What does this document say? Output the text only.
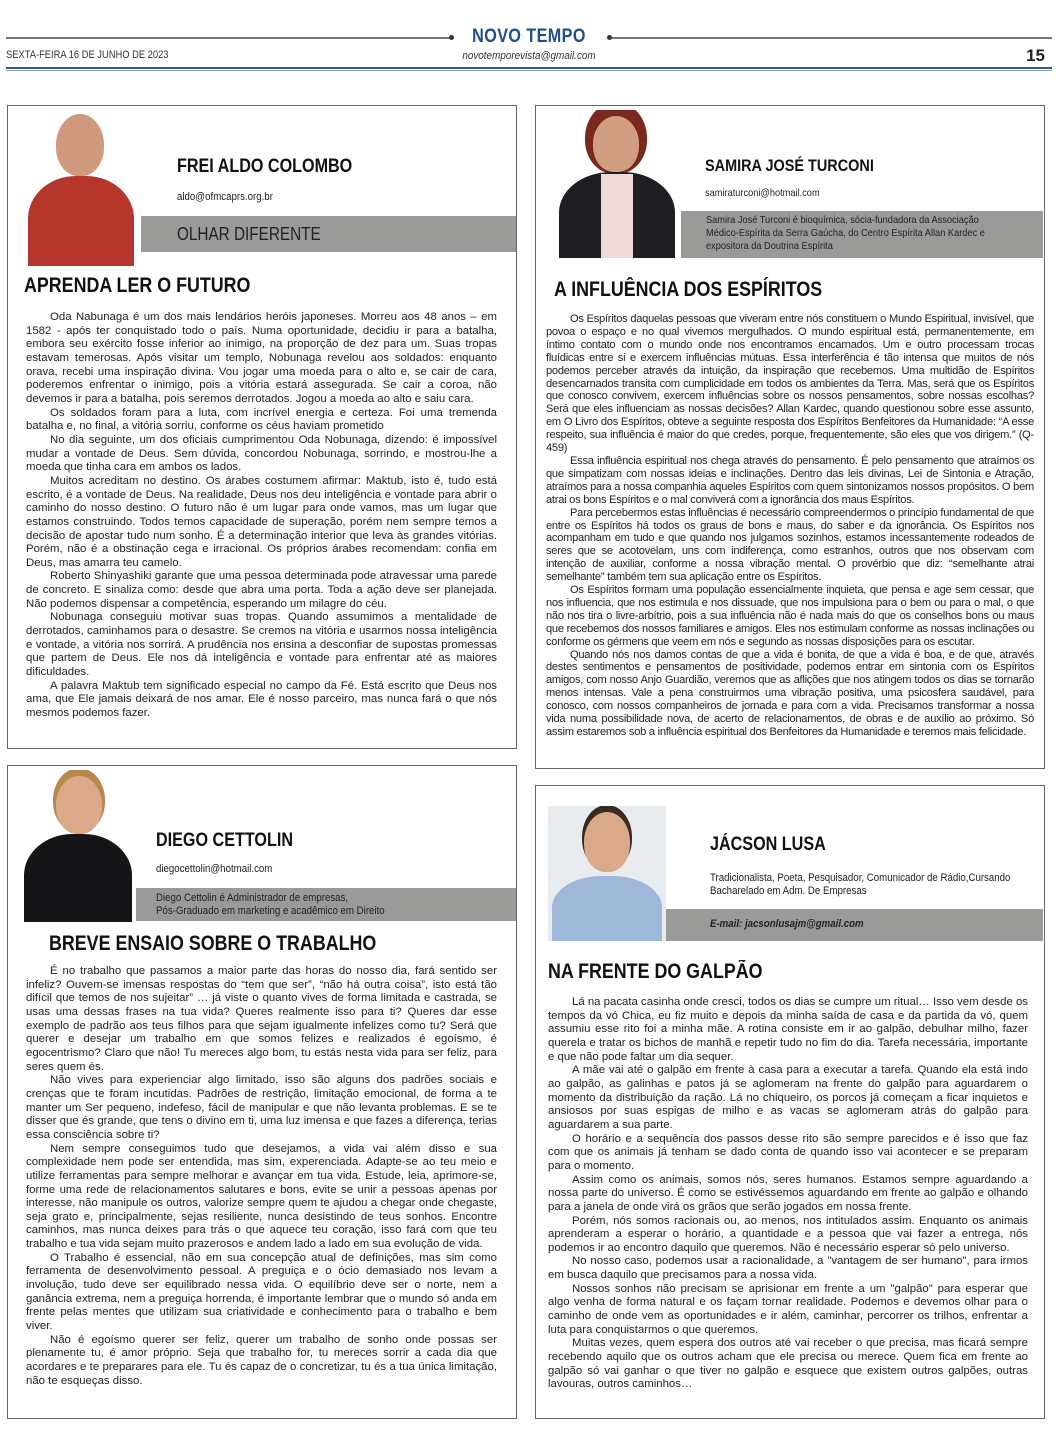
NOVO TEMPO
SEXTA-FEIRA 16 DE JUNHO DE 2023	novotemporevista@gmail.com	15
FREI ALDO COLOMBO
aldo@ofmcaprs.org.br
OLHAR DIFERENTE
APRENDA LER O FUTURO

Oda Nabunaga é um dos mais lendários heróis japoneses. Morreu aos 48 anos – em 1582 - após ter conquistado todo o país. Numa oportunidade, decidiu ir para a batalha, embora seu exército fosse inferior ao inimigo, na proporção de dez para um. Suas tropas estavam temerosas. Após visitar um templo, Nobunaga revelou aos soldados: enquanto orava, recebi uma inspiração divina. Vou jogar uma moeda para o alto e, se cair de cara, poderemos enfrentar o inimigo, pois a vitória estará assegurada. Se cair a coroa, não devemos ir para a batalha, pois seremos derrotados. Jogou a moeda ao alto e saiu cara.

Os soldados foram para a luta, com incrível energia e certeza. Foi uma tremenda batalha e, no final, a vitória sorriu, conforme os céus haviam prometido

No dia seguinte, um dos oficiais cumprimentou Oda Nobunaga, dizendo: é impossível mudar a vontade de Deus. Sem dúvida, concordou Nobunaga, sorrindo, e mostrou-lhe a moeda que tinha cara em ambos os lados.

Muitos acreditam no destino. Os árabes costumem afirmar: Maktub, isto é, tudo está escrito, é a vontade de Deus. Na realidade, Deus nos deu inteligência e vontade para abrir o caminho do nosso destino. O futuro não é um lugar para onde vamos, mas um lugar que estamos construindo. Todos temos capacidade de superação, porém nem sempre temos a decisão de apostar tudo num sonho. É a determinação interior que leva às grandes vitórias. Porém, não é a obstinação cega e irracional. Os próprios árabes recomendam: confia em Deus, mas amarra teu camelo.

Roberto Shinyashiki garante que uma pessoa determinada pode atravessar uma parede de concreto. E sinaliza como: desde que abra uma porta. Toda a ação deve ser planejada. Não podemos dispensar a competência, esperando um milagre do céu.

Nobunaga conseguiu motivar suas tropas. Quando assumimos a mentalidade de derrotados, caminhamos para o desastre. Se cremos na vitória e usarmos nossa inteligência e vontade, a vitória nos sorrirá. A prudência nos ensina a desconfiar de supostas promessas que partem de Deus. Ele nos dá inteligência e vontade para enfrentar até as maiores dificuldades.

A palavra Maktub tem significado especial no campo da Fé. Está escrito que Deus nos ama, que Ele jamais deixará de nos amar. Ele é nosso parceiro, mas nunca fará o que nós mesmos podemos fazer.

SAMIRA JOSÉ TURCONI
samiraturconi@hotmail.com
Samira José Turconi é bioquímica, sócia-fundadora da Associação
Médico-Espírita da Serra Gaúcha, do Centro Espírita Allan Kardec e
expositora da Doutrina Espírita
A INFLUÊNCIA DOS ESPÍRITOS

Os Espíritos daquelas pessoas que viveram entre nós constituem o Mundo Espiritual, invisível, que povoa o espaço e no qual vivemos mergulhados. O mundo espiritual está, permanentemente, em íntimo contato com o mundo onde nos encontramos encarnados. Um e outro processam trocas fluídicas entre si e exercem influências mútuas. Essa interferência é tão intensa que muitos de nós podemos perceber através da intuição, da inspiração que recebemos. Uma multidão de Espíritos desencarnados transita com cumplicidade em todos os ambientes da Terra. Mas, será que os Espíritos que conosco convivem, exercem influências sobre os nossos pensamentos, sobre nossas escolhas? Será que eles influenciam as nossas decisões? Allan Kardec, quando questionou sobre esse assunto, em O Livro dos Espíritos, obteve a seguinte resposta dos Espíritos Benfeitores da Humanidade: “A esse respeito, sua influência é maior do que credes, porque, frequentemente, são eles que vos dirigem.” (Q-459)

Essa influência espiritual nos chega através do pensamento. É pelo pensamento que atraímos os que simpatizam com nossas ideias e inclinações. Dentro das leis divinas, Lei de Sintonia e Atração, atraímos para a nossa companhia aqueles Espíritos com quem sintonizamos nossos propósitos. O bem atrai os bons Espíritos e o mal conviverá com a ignorância dos maus Espíritos.

Para percebermos estas influências é necessário compreendermos o princípio fundamental de que entre os Espíritos há todos os graus de bons e maus, do saber e da ignorância. Os Espíritos nos acompanham em tudo e que quando nos julgamos sozinhos, estamos incessantemente rodeados de seres que se acotovelam, uns com indiferença, como estranhos, outros que nos observam com intenção de auxiliar, conforme a nossa vibração mental. O provérbio que diz: “semelhante atrai semelhante” também tem sua aplicação entre os Espíritos.

Os Espíritos formam uma população essencialmente inquieta, que pensa e age sem cessar, que nos influencia, que nos estimula e nos dissuade, que nos impulsiona para o bem ou para o mal, o que não nos tira o livre-arbítrio, pois a sua influência não é nada mais do que os conselhos bons ou maus que recebemos dos nossos familiares e amigos. Eles nos estimulam conforme as nossas inclinações ou conforme os gérmens que veem em nós e segundo as nossas disposições para os escutar.

Quando nós nos damos contas de que a vida é bonita, de que a vida é boa, e de que, através destes sentimentos e pensamentos de positividade, podemos entrar em sintonia com os Espíritos amigos, com nosso Anjo Guardião, veremos que as aflições que nos atingem todos os dias se tornarão menos intensas. Vale a pena construirmos uma vibração positiva, uma psicosfera saudável, para conosco, com nossos companheiros de jornada e para com a vida. Precisamos transformar a nossa vida numa possibilidade nova, de acerto de relacionamentos, de obras e de auxílio ao próximo. Só assim estaremos sob a influência espiritual dos Benfeitores da Humanidade e teremos mais felicidade.

DIEGO CETTOLIN
diegocettolin@hotmail.com
Diego Cettolin é Administrador de empresas,
Pós-Graduado em marketing e acadêmico em Direito
BREVE ENSAIO SOBRE O TRABALHO

É no trabalho que passamos a maior parte das horas do nosso dia, fará sentido ser infeliz? Ouvem-se imensas respostas do “tem que ser”, “não há outra coisa”, isto está tão difícil que temos de nos sujeitar” … já viste o quanto vives de forma limitada e castrada, se usas uma dessas frases na tua vida? Queres realmente isso para ti? Queres dar esse exemplo de padrão aos teus filhos para que sejam igualmente infelizes como tu? Será que querer e desejar um trabalho em que somos felizes e realizados é egoísmo, é egocentrismo? Claro que não! Tu mereces algo bom, tu estás nesta vida para ser feliz, para seres quem és.

Não vives para experienciar algo limitado, isso são alguns dos padrões sociais e crenças que te foram incutidas. Padrões de restrição, limitação emocional, de forma a te manter um Ser pequeno, indefeso, fácil de manipular e que não levanta problemas. E se te disser que és grande, que tens o divino em ti, uma luz imensa e que fazes a diferença, terias essa consciência sobre ti?

Nem sempre conseguimos tudo que desejamos, a vida vai além disso e sua complexidade nem pode ser entendida, mas sim, experenciada. Adapte-se ao teu meio e utilize ferramentas para sempre melhorar e avançar em tua vida. Estude, leia, aprimore-se, forme uma rede de relacionamentos salutares e bons, evite se unir a pessoas apenas por interesse, não manipule os outros, valorize sempre quem te ajudou a chegar onde chegaste, seja grato e, principalmente, sejas resiliente, nunca desistindo de teus sonhos. Encontre caminhos, mas nunca deixes para trás o que aquece teu coração, isso fará com que teu trabalho e tua vida sejam muito prazerosos e andem lado a lado em sua evolução de vida.

O Trabalho é essencial, não em sua concepção atual de definições, mas sim como ferramenta de desenvolvimento pessoal. A preguiça e o ócio demasiado nos levam a involução, tudo deve ser equilibrado nessa vida. O equilíbrio deve ser o norte, nem a ganância extrema, nem a preguiça horrenda, é importante lembrar que o mundo só anda em frente pelas mentes que utilizam sua criatividade e conhecimento para o trabalho e bem viver.

Não é egoísmo querer ser feliz, querer um trabalho de sonho onde possas ser plenamente tu, é amor próprio. Seja que trabalho for, tu mereces sorrir a cada dia que acordares e te preparares para ele. Tu és capaz de o concretizar, tu és a tua única limitação, não te esqueças disso.

JÁCSON LUSA
Tradicionalista, Poeta, Pesquisador, Comunicador de Rádio,Cursando
Bacharelado em Adm. De Empresas
E-mail: jacsonlusajm@gmail.com
NA FRENTE DO GALPÃO

Lá na pacata casinha onde cresci, todos os dias se cumpre um ritual… Isso vem desde os tempos da vó Chica, eu fiz muito e depois da minha saída de casa e da partida da vó, quem assumiu esse rito foi a minha mãe. A rotina consiste em ir ao galpão, debulhar milho, fazer querela e tratar os bichos de manhã e repetir tudo no fim do dia. Tarefa necessária, importante e que não pode faltar um dia sequer.

A mãe vai até o galpão em frente à casa para a executar a tarefa. Quando ela está indo ao galpão, as galinhas e patos já se aglomeram na frente do galpão para aguardarem o momento da distribuição da ração. Lá no chiqueiro, os porcos já começam a ficar inquietos e ansiosos por suas espigas de milho e as vacas se aglomeram atrás do galpão para aguardarem a sua parte.

O horário e a sequência dos passos desse rito são sempre parecidos e é isso que faz com que os animais já tenham se dado conta de quando isso vai acontecer e se preparam para o momento.

Assim como os animais, somos nós, seres humanos. Estamos sempre aguardando a nossa parte do universo. É como se estivéssemos aguardando em frente ao galpão e olhando para a janela de onde virá os grãos que serão jogados em nossa frente.

Porém, nós somos racionais ou, ao menos, nos intitulados assim. Enquanto os animais aprenderam a esperar o horário, a quantidade e a pessoa que vai fazer a entrega, nós podemos ir ao encontro daquilo que queremos. Não é necessário esperar só pelo universo.

No nosso caso, podemos usar a racionalidade, a "vantagem de ser humano", para irmos em busca daquilo que precisamos para a nossa vida.

Nossos sonhos não precisam se aprisionar em frente a um "galpão" para esperar que algo venha de forma natural e os façam tornar realidade. Podemos e devemos olhar para o caminho de onde vem as oportunidades e ir além, caminhar, percorrer os trilhos, enfrentar a luta para conquistarmos o que queremos.

Muitas vezes, quem espera dos outros até vai receber o que precisa, mas ficará sempre recebendo aquilo que os outros acham que ele precisa ou merece. Quem fica em frente ao galpão só vai ganhar o que tiver no galpão e esquece que existem outros galpões, outras lavouras, outros caminhos…
